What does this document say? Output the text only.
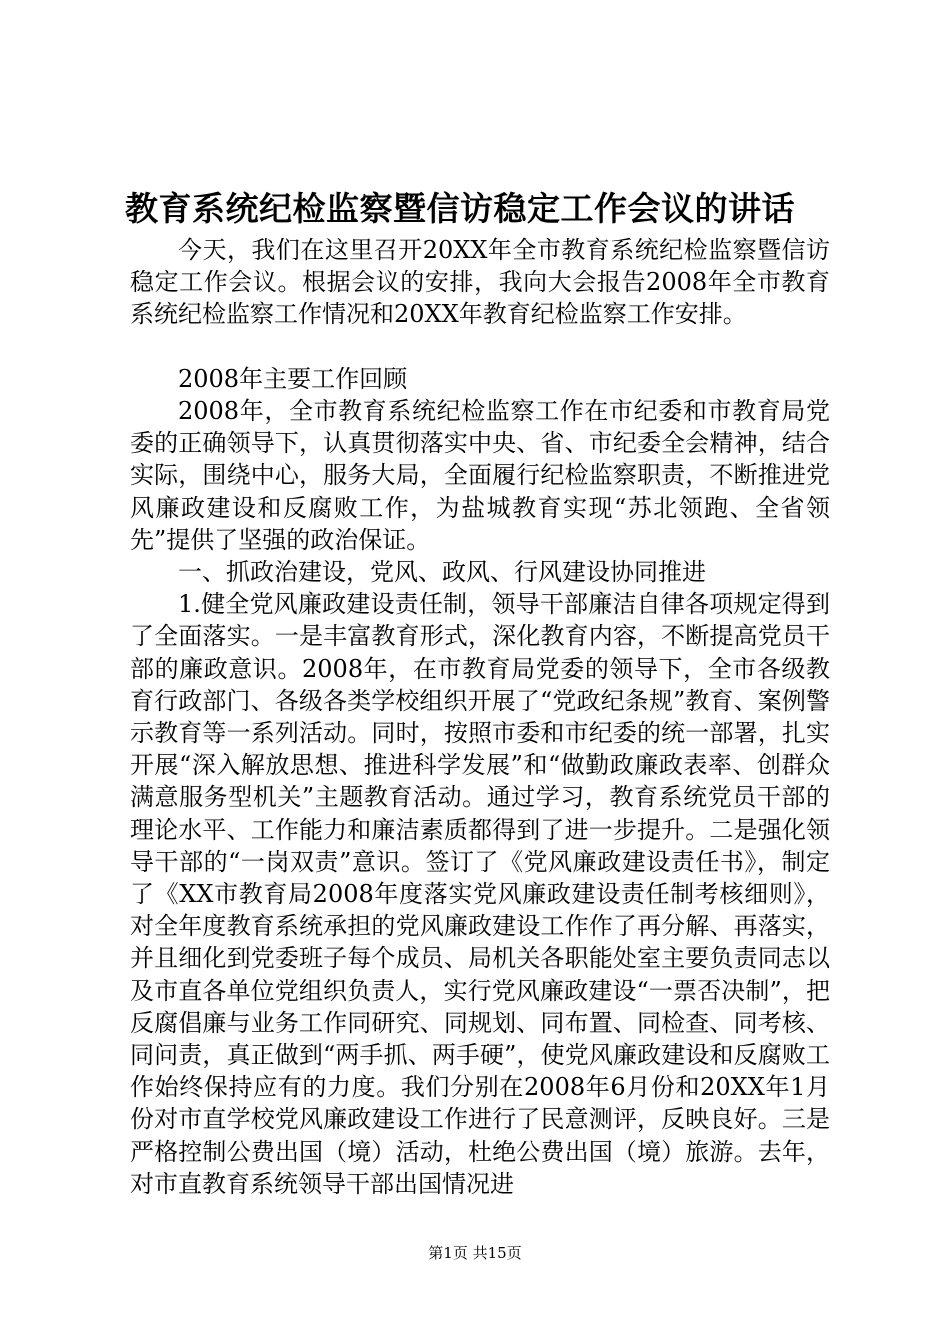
教育系统纪检监察暨信访稳定工作会议的讲话

今天，我们在这里召开20XX年全市教育系统纪检监察暨信访稳定工作会议。根据会议的安排，我向大会报告2008年全市教育系统纪检监察工作情况和20XX年教育纪检监察工作安排。

2008年主要工作回顾

2008年，全市教育系统纪检监察工作在市纪委和市教育局党委的正确领导下，认真贯彻落实中央、省、市纪委全会精神，结合实际，围绕中心，服务大局，全面履行纪检监察职责，不断推进党风廉政建设和反腐败工作，为盐城教育实现“苏北领跑、全省领先”提供了坚强的政治保证。

一、抓政治建设，党风、政风、行风建设协同推进

1.健全党风廉政建设责任制，领导干部廉洁自律各项规定得到了全面落实。一是丰富教育形式，深化教育内容，不断提高党员干部的廉政意识。2008年，在市教育局党委的领导下，全市各级教育行政部门、各级各类学校组织开展了“党政纪条规”教育、案例警示教育等一系列活动。同时，按照市委和市纪委的统一部署，扎实开展“深入解放思想、推进科学发展”和“做勤政廉政表率、创群众满意服务型机关”主题教育活动。通过学习，教育系统党员干部的理论水平、工作能力和廉洁素质都得到了进一步提升。二是强化领导干部的“一岗双责”意识。签订了《党风廉政建设责任书》，制定了《XX市教育局2008年度落实党风廉政建设责任制考核细则》，对全年度教育系统承担的党风廉政建设工作作了再分解、再落实，并且细化到党委班子每个成员、局机关各职能处室主要负责同志以及市直各单位党组织负责人，实行党风廉政建设“一票否决制”，把反腐倡廉与业务工作同研究、同规划、同布置、同检查、同考核、同问责，真正做到“两手抓、两手硬”，使党风廉政建设和反腐败工作始终保持应有的力度。我们分别在2008年6月份和20XX年1月份对市直学校党风廉政建设工作进行了民意测评，反映良好。三是严格控制公费出国（境）活动，杜绝公费出国（境）旅游。去年，对市直教育系统领导干部出国情况进

第1页 共15页
